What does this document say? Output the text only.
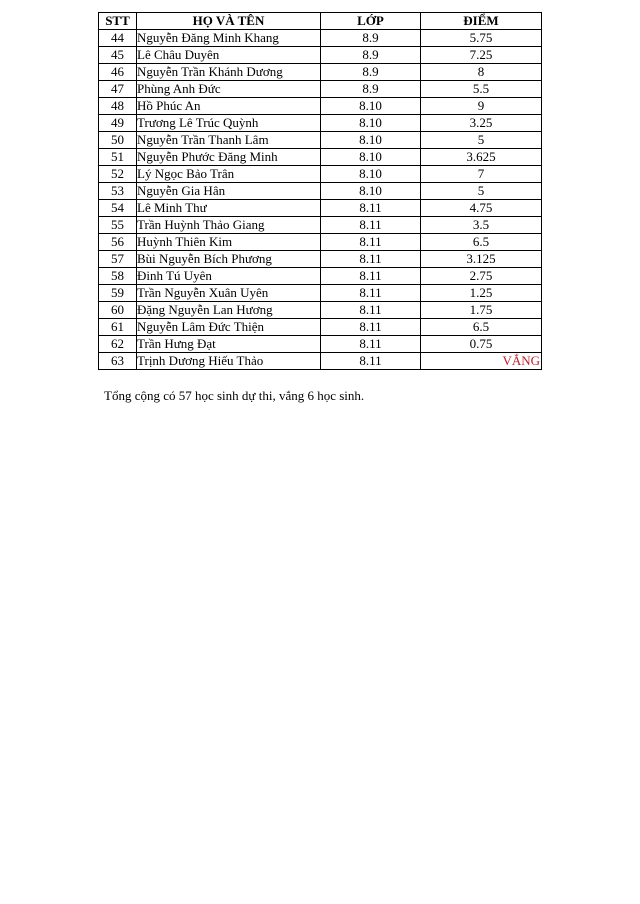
STT	HỌ VÀ TÊN	LỚP	ĐIỂM
44	Nguyễn Đăng Minh Khang	8.9	5.75
45	Lê Châu Duyên	8.9	7.25
46	Nguyễn Trần Khánh Dương	8.9	8
47	Phùng Anh Đức	8.9	5.5
48	Hồ Phúc An	8.10	9
49	Trương Lê Trúc Quỳnh	8.10	3.25
50	Nguyễn Trần Thanh Lâm	8.10	5
51	Nguyễn Phước Đăng Minh	8.10	3.625
52	Lý Ngọc Bảo Trân	8.10	7
53	Nguyễn Gia Hân	8.10	5
54	Lê Minh Thư	8.11	4.75
55	Trần Huỳnh Thảo Giang	8.11	3.5
56	Huỳnh Thiên Kim	8.11	6.5
57	Bùi Nguyễn Bích Phương	8.11	3.125
58	Đinh Tú Uyên	8.11	2.75
59	Trần Nguyễn Xuân Uyên	8.11	1.25
60	Đặng Nguyễn Lan Hương	8.11	1.75
61	Nguyễn Lâm Đức Thiện	8.11	6.5
62	Trần Hưng Đạt	8.11	0.75
63	Trịnh Dương Hiếu Thảo	8.11	VẮNG
Tổng cộng có 57 học sinh dự thi, vắng 6 học sinh.
